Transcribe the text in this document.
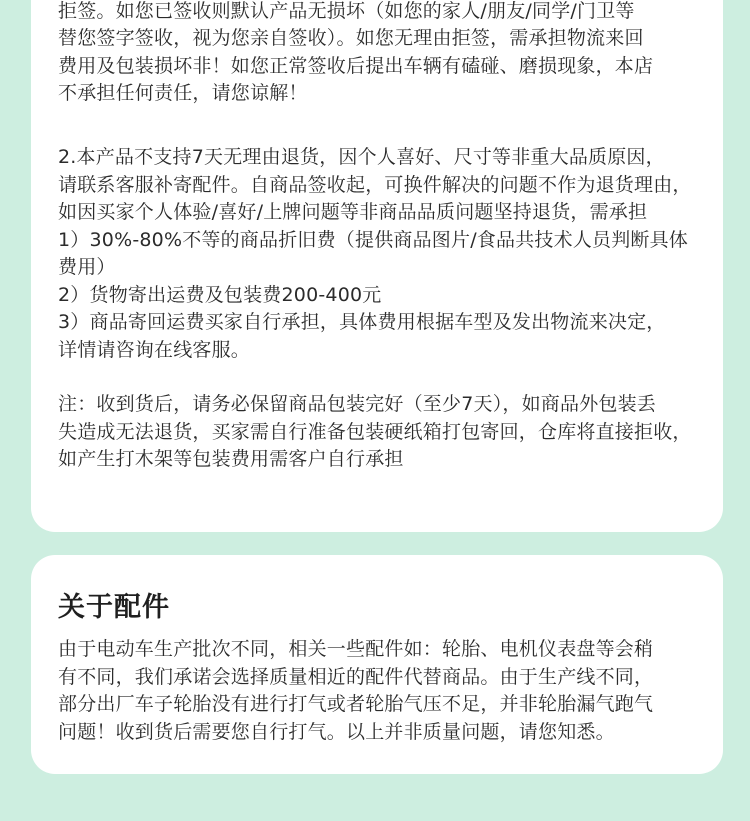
拒签。如您已签收则默认产品无损坏（如您的家人/朋友/同学/门卫等
替您签字签收，视为您亲自签收）。如您无理由拒签，需承担物流来回
费用及包装损坏非！如您正常签收后提出车辆有磕碰、磨损现象，本店
不承担任何责任，请您谅解！
2.本产品不支持7天无理由退货，因个人喜好、尺寸等非重大品质原因，
请联系客服补寄配件。自商品签收起，可换件解决的问题不作为退货理由，
如因买家个人体验/喜好/上牌问题等非商品品质问题坚持退货，需承担
1）30%-80%不等的商品折旧费（提供商品图片/食品共技术人员判断具体
费用）
2）货物寄出运费及包装费200-400元
3）商品寄回运费买家自行承担，具体费用根据车型及发出物流来决定，
详情请咨询在线客服。
注：收到货后，请务必保留商品包装完好（至少7天），如商品外包装丢
失造成无法退货，买家需自行准备包装硬纸箱打包寄回，仓库将直接拒收，
如产生打木架等包装费用需客户自行承担
关于配件
由于电动车生产批次不同，相关一些配件如：轮胎、电机仪表盘等会稍
有不同，我们承诺会选择质量相近的配件代替商品。由于生产线不同，
部分出厂车子轮胎没有进行打气或者轮胎气压不足，并非轮胎漏气跑气
问题！收到货后需要您自行打气。以上并非质量问题，请您知悉。
